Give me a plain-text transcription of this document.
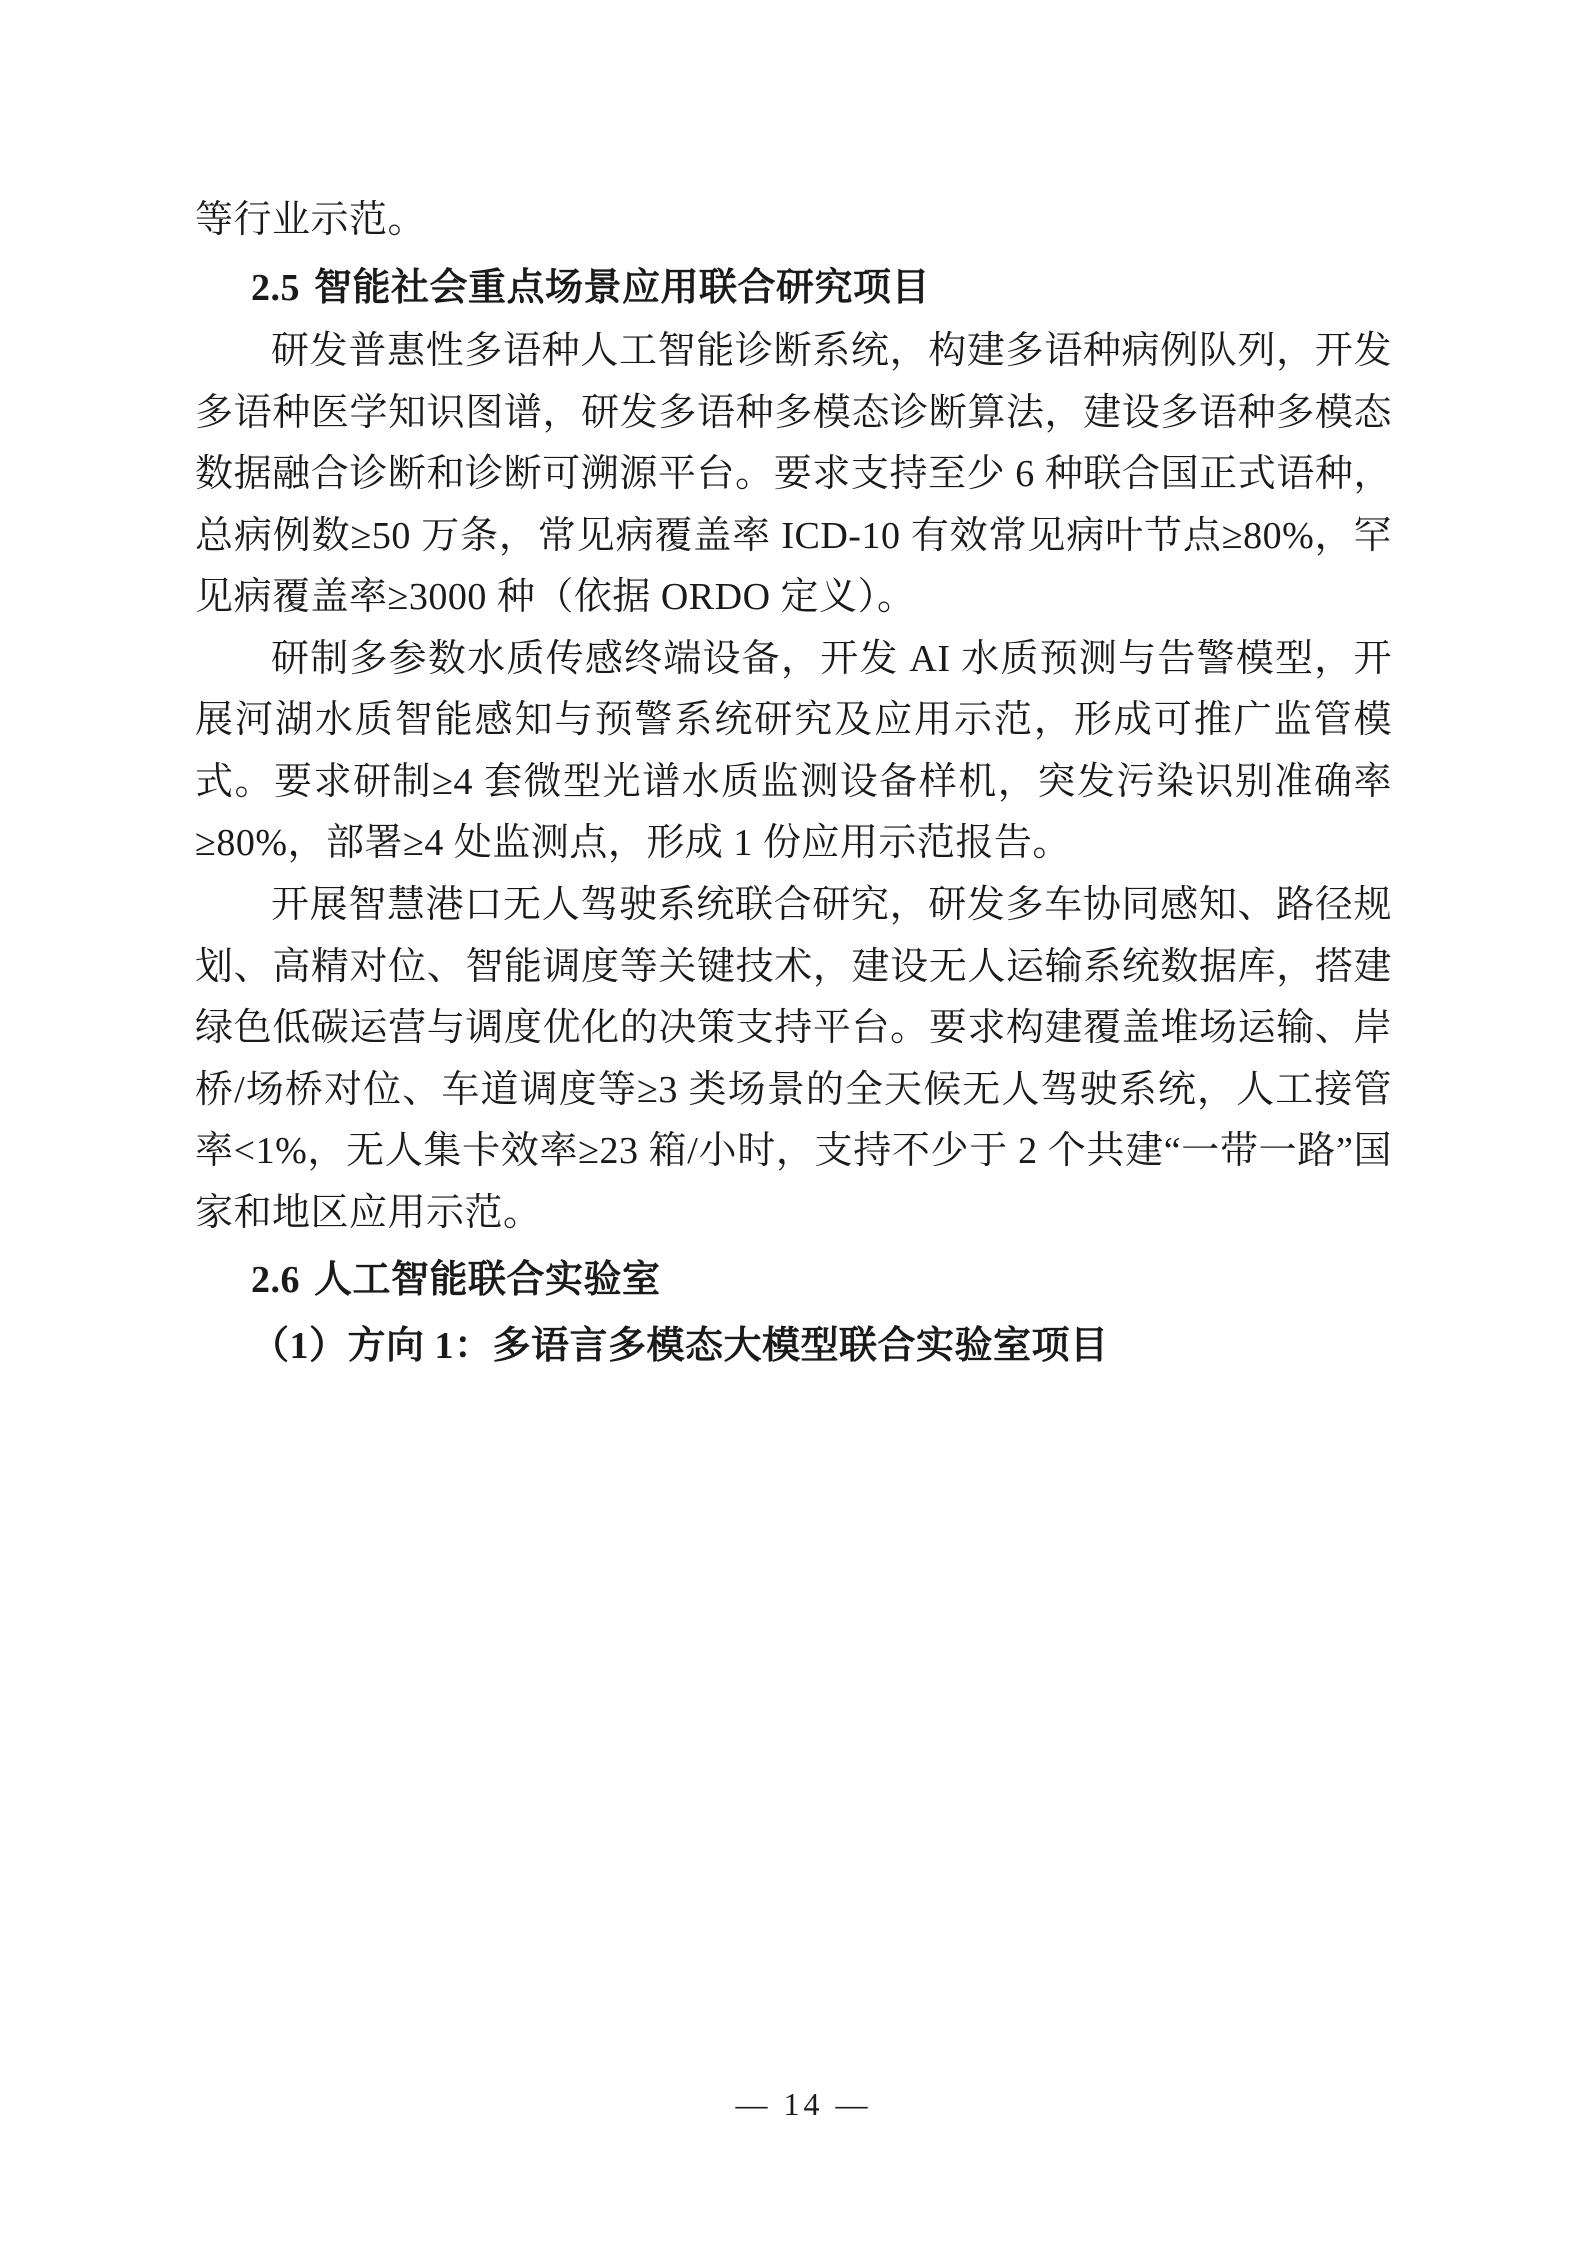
等行业示范。

2.5 智能社会重点场景应用联合研究项目

研发普惠性多语种人工智能诊断系统，构建多语种病例队列，开发多语种医学知识图谱，研发多语种多模态诊断算法，建设多语种多模态数据融合诊断和诊断可溯源平台。要求支持至少 6 种联合国正式语种，总病例数≥50 万条，常见病覆盖率 ICD-10 有效常见病叶节点≥80%，罕见病覆盖率≥3000 种（依据 ORDO 定义）。

研制多参数水质传感终端设备，开发 AI 水质预测与告警模型，开展河湖水质智能感知与预警系统研究及应用示范，形成可推广监管模式。要求研制≥4 套微型光谱水质监测设备样机，突发污染识别准确率≥80%，部署≥4 处监测点，形成 1 份应用示范报告。

开展智慧港口无人驾驶系统联合研究，研发多车协同感知、路径规划、高精对位、智能调度等关键技术，建设无人运输系统数据库，搭建绿色低碳运营与调度优化的决策支持平台。要求构建覆盖堆场运输、岸桥/场桥对位、车道调度等≥3 类场景的全天候无人驾驶系统，人工接管率<1%，无人集卡效率≥23 箱/小时，支持不少于 2 个共建“一带一路”国家和地区应用示范。

2.6 人工智能联合实验室

（1）方向 1：多语言多模态大模型联合实验室项目

— 14 —
